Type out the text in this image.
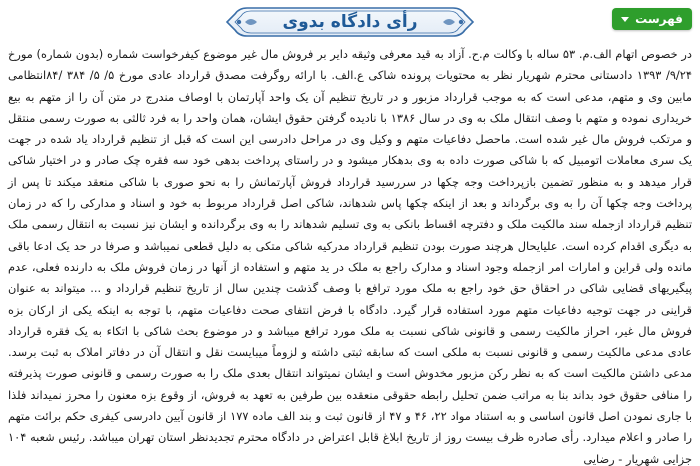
فهرست
رأی دادگاه بدوی

در خصوص اتهام الف.م. ۵۳ ساله با وکالت م.ح. آزاد به قید معرفی وثیقه دایر بر فروش مال غیر موضوع کیفرخواست شماره (بدون شماره) مورخ ۹/۲۴/ ۱۳۹۳ دادستانی محترم شهریار نظر به محتویات پرونده شاکی ع.الف. با ارائه روگرفت مصدق قرارداد عادی مورخ ۵/ ۵/ ۳۸۴ /۸۴انتظامی مابین وی و متهم، مدعی است که به موجب قرارداد مزبور و در تاریخ تنظیم آن یک واحد آپارتمان با اوصاف مندرج در متن آن را از متهم به بیع خریداری نموده و متهم با وصف انتقال ملک به وی در سال ۱۳۸۶ با نادیده گرفتن حقوق ایشان، همان واحد را به فرد ثالثی به صورت رسمی منتقل و مرتکب فروش مال غیر شده است. ماحصل دفاعیات متهم و وکیل وی در مراحل دادرسی این است که قبل از تنظیم قرارداد یاد شده در جهت یک سری معاملات اتومبیل که با شاکی صورت داده به وی بدهکار میشود و در راستای پرداخت بدهی خود سه فقره چک صادر و در اختیار شاکی قرار میدهد و به منظور تضمین بازپرداخت وجه چکها در سررسید قرارداد فروش آپارتمانش را به نحو صوری با شاکی منعقد میکند تا پس از پرداخت وجه چکها آن را به وی برگرداند و بعد از اینکه چکها پاس شدهاند، شاکی اصل قرارداد مربوط به خود و اسناد و مدارکی را که در زمان تنظیم قرارداد ازجمله سند مالکیت ملک و دفترچه اقساط بانکی به وی تسلیم شدهاند را به وی برگردانده و ایشان نیز نسبت به انتقال رسمی ملک به دیگری اقدام کرده است. علیایحال هرچند صورت بودن تنظیم قرارداد مدرکیه شاکی متکی به دلیل قطعی نمیباشد و صرفا در حد یک ادعا باقی مانده ولی قراین و امارات امر ازجمله وجود اسناد و مدارک راجع به ملک در ید متهم و استفاده از آنها در زمان فروش ملک به دارنده فعلی، عدم پیگیریهای قضایی شاکی در احقاق حق خود راجع به ملک مورد ترافع با وصف گذشت چندین سال از تاریخ تنظیم قرارداد و ... میتواند به عنوان قراینی در جهت توجیه دفاعیات متهم مورد استفاده قرار گیرد. دادگاه با فرض انتفای صحت دفاعیات متهم، با توجه به اینکه یکی از ارکان بزه فروش مال غیر، احراز مالکیت رسمی و قانونی شاکی نسبت به ملک مورد ترافع میباشد و در موضوع بحث شاکی با اتکاء به یک فقره قرارداد عادی مدعی مالکیت رسمی و قانونی نسبت به ملکی است که سابقه ثبتی داشته و لزوماً میبایست نقل و انتقال آن در دفاتر املاک به ثبت برسد. مدعی داشتن مالکیت است که به نظر رکن مزبور مخدوش است و ایشان نمیتواند انتقال بعدی ملک را به صورت رسمی و قانونی صورت پذیرفته را منافی حقوق خود بداند بنا به مراتب ضمن تحلیل رابطه حقوقی منعقده بین طرفین به تعهد به فروش، از وقوع بزه معنون را محرز نمیداند فلذا با جاری نمودن اصل قانون اساسی و به استناد مواد ۲۲، ۴۶ و ۴۷ از قانون ثبت و بند الف ماده ۱۷۷ از قانون آیین دادرسی کیفری حکم برائت متهم را صادر و اعلام میدارد. رأی صادره ظرف بیست روز از تاریخ ابلاغ قابل اعتراض در دادگاه محترم تجدیدنظر استان تهران میباشد. رئیس شعبه ۱۰۴ جزایی شهریار - رضایی
